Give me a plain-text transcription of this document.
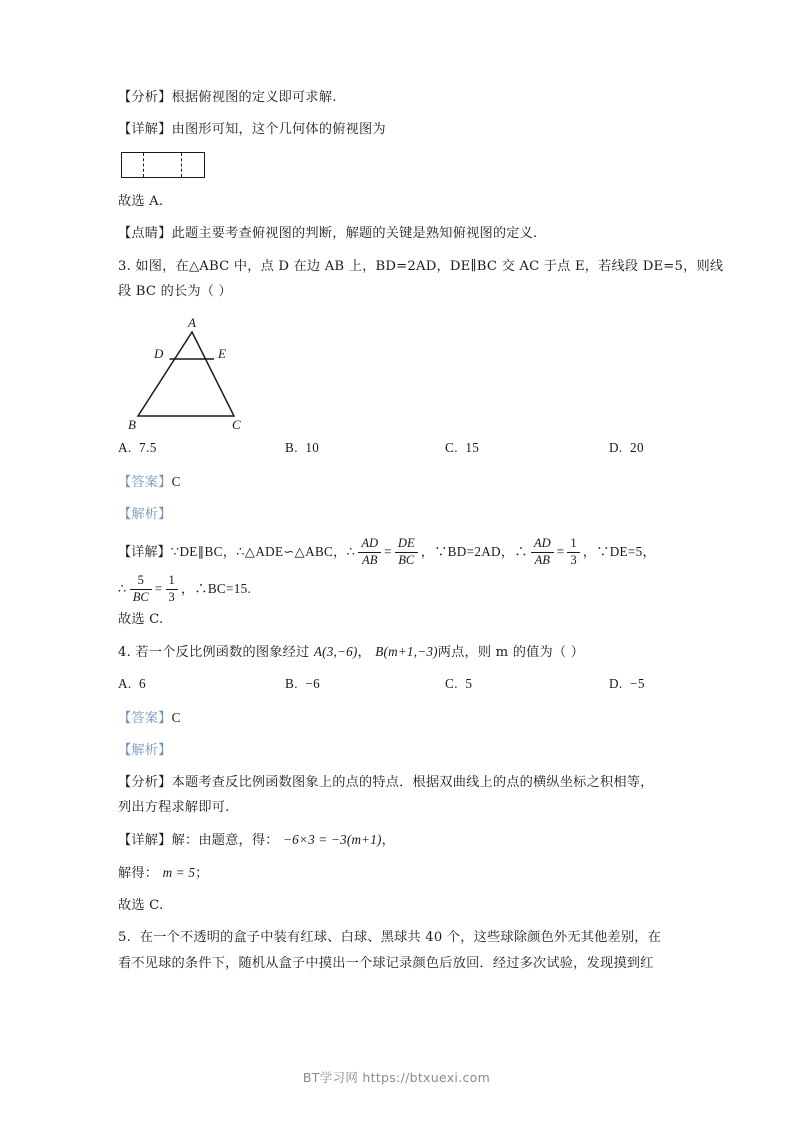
【分析】根据俯视图的定义即可求解.
【详解】由图形可知，这个几何体的俯视图为
故选 A.
【点睛】此题主要考查俯视图的判断，解题的关键是熟知俯视图的定义.
3. 如图，在△ABC 中，点 D 在边 AB 上，BD=2AD，DE∥BC 交 AC 于点 E，若线段 DE=5，则线
段 BC 的长为（ ）
A
D	E
B	C
A. 7.5	B. 10	C. 15	D. 20
【答案】C
【解析】
【详解】∵DE∥BC，∴△ADE∽△ABC，∴ $\frac{AD}{AB} = \frac{DE}{BC}$ ，∵BD=2AD，∴ $\frac{AD}{AB} = \frac{1}{3}$ ，∵DE=5，
∴ $\frac{5}{BC} = \frac{1}{3}$ ，∴BC=15.
故选 C.
4. 若一个反比例函数的图象经过 A(3,−6)， B(m+1,−3)两点，则 m 的值为（ ）
A. 6	B. −6	C. 5	D. −5
【答案】C
【解析】
【分析】本题考查反比例函数图象上的点的特点．根据双曲线上的点的横纵坐标之积相等，
列出方程求解即可.
【详解】解：由题意，得： −6×3 = −3(m+1)，
解得： m = 5；
故选 C.
5. 在一个不透明的盒子中装有红球、白球、黑球共 40 个，这些球除颜色外无其他差别，在
看不见球的条件下，随机从盒子中摸出一个球记录颜色后放回．经过多次试验，发现摸到红
BT学习网 https://btxuexi.com
